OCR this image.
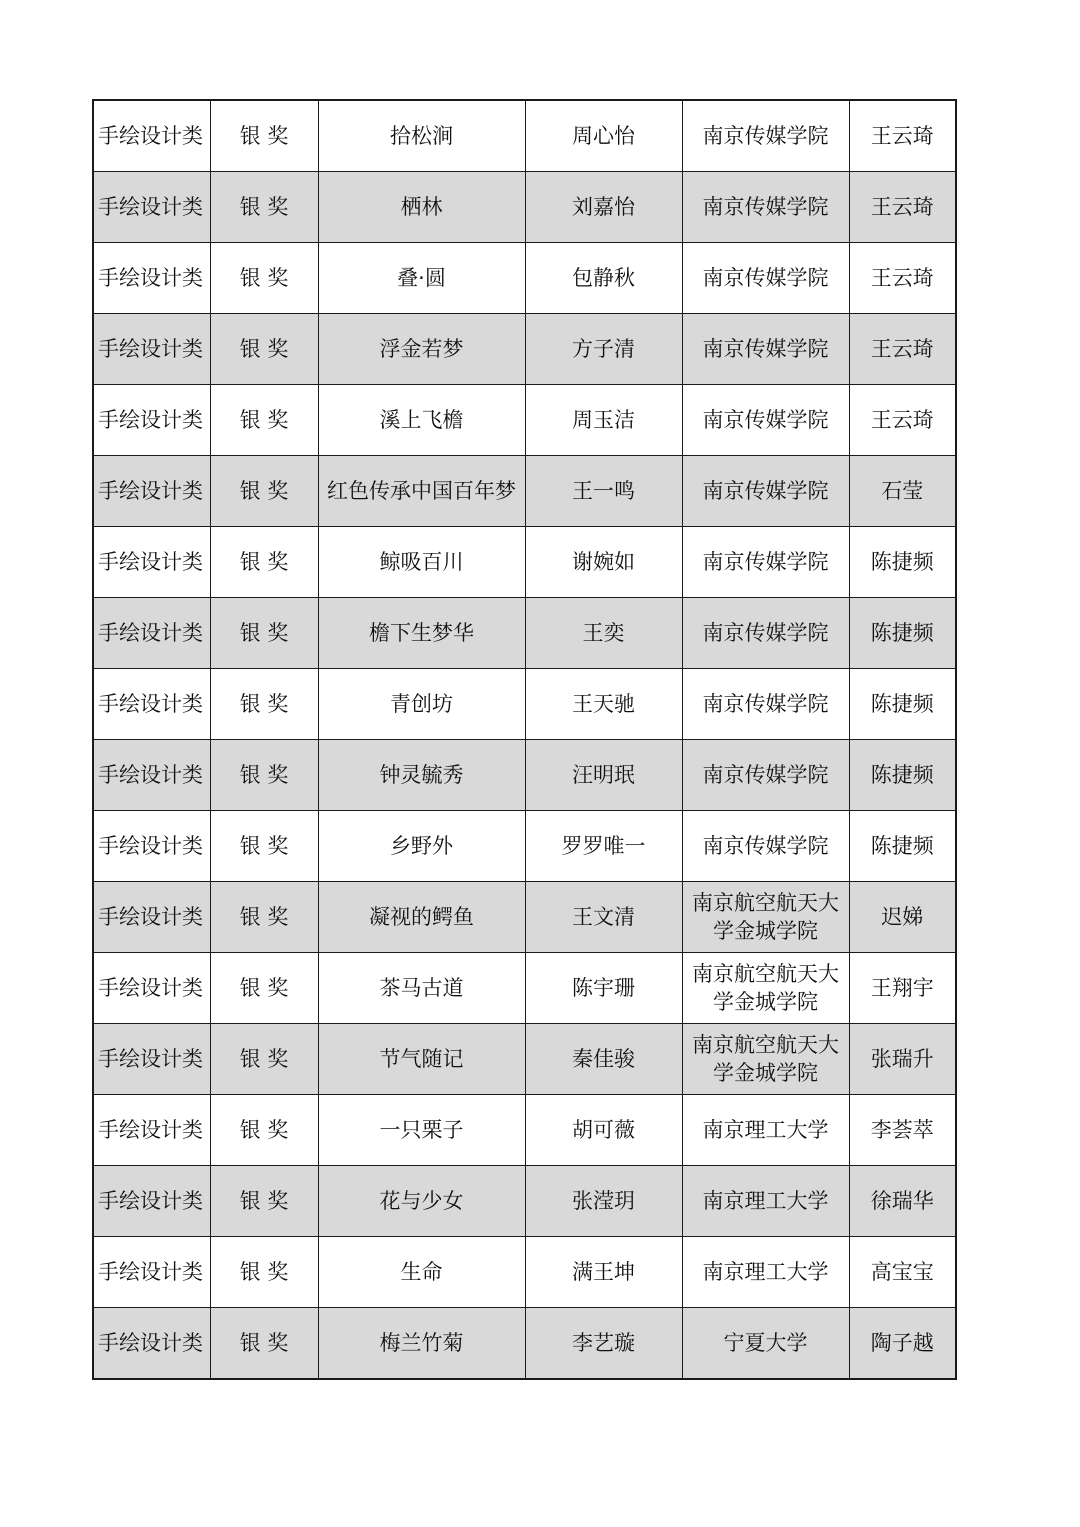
手绘设计类	银 奖	拾松涧	周心怡	南京传媒学院	王云琦
手绘设计类	银 奖	栖林	刘嘉怡	南京传媒学院	王云琦
手绘设计类	银 奖	叠·圆	包静秋	南京传媒学院	王云琦
手绘设计类	银 奖	浮金若梦	方子清	南京传媒学院	王云琦
手绘设计类	银 奖	溪上飞檐	周玉洁	南京传媒学院	王云琦
手绘设计类	银 奖	红色传承中国百年梦	王一鸣	南京传媒学院	石莹
手绘设计类	银 奖	鲸吸百川	谢婉如	南京传媒学院	陈捷频
手绘设计类	银 奖	檐下生梦华	王奕	南京传媒学院	陈捷频
手绘设计类	银 奖	青创坊	王天驰	南京传媒学院	陈捷频
手绘设计类	银 奖	钟灵毓秀	汪明珉	南京传媒学院	陈捷频
手绘设计类	银 奖	乡野外	罗罗唯一	南京传媒学院	陈捷频
手绘设计类	银 奖	凝视的鳄鱼	王文清	南京航空航天大学金城学院	迟娣
手绘设计类	银 奖	茶马古道	陈宇珊	南京航空航天大学金城学院	王翔宇
手绘设计类	银 奖	节气随记	秦佳骏	南京航空航天大学金城学院	张瑞升
手绘设计类	银 奖	一只栗子	胡可薇	南京理工大学	李荟萃
手绘设计类	银 奖	花与少女	张滢玥	南京理工大学	徐瑞华
手绘设计类	银 奖	生命	满王坤	南京理工大学	高宝宝
手绘设计类	银 奖	梅兰竹菊	李艺璇	宁夏大学	陶子越
